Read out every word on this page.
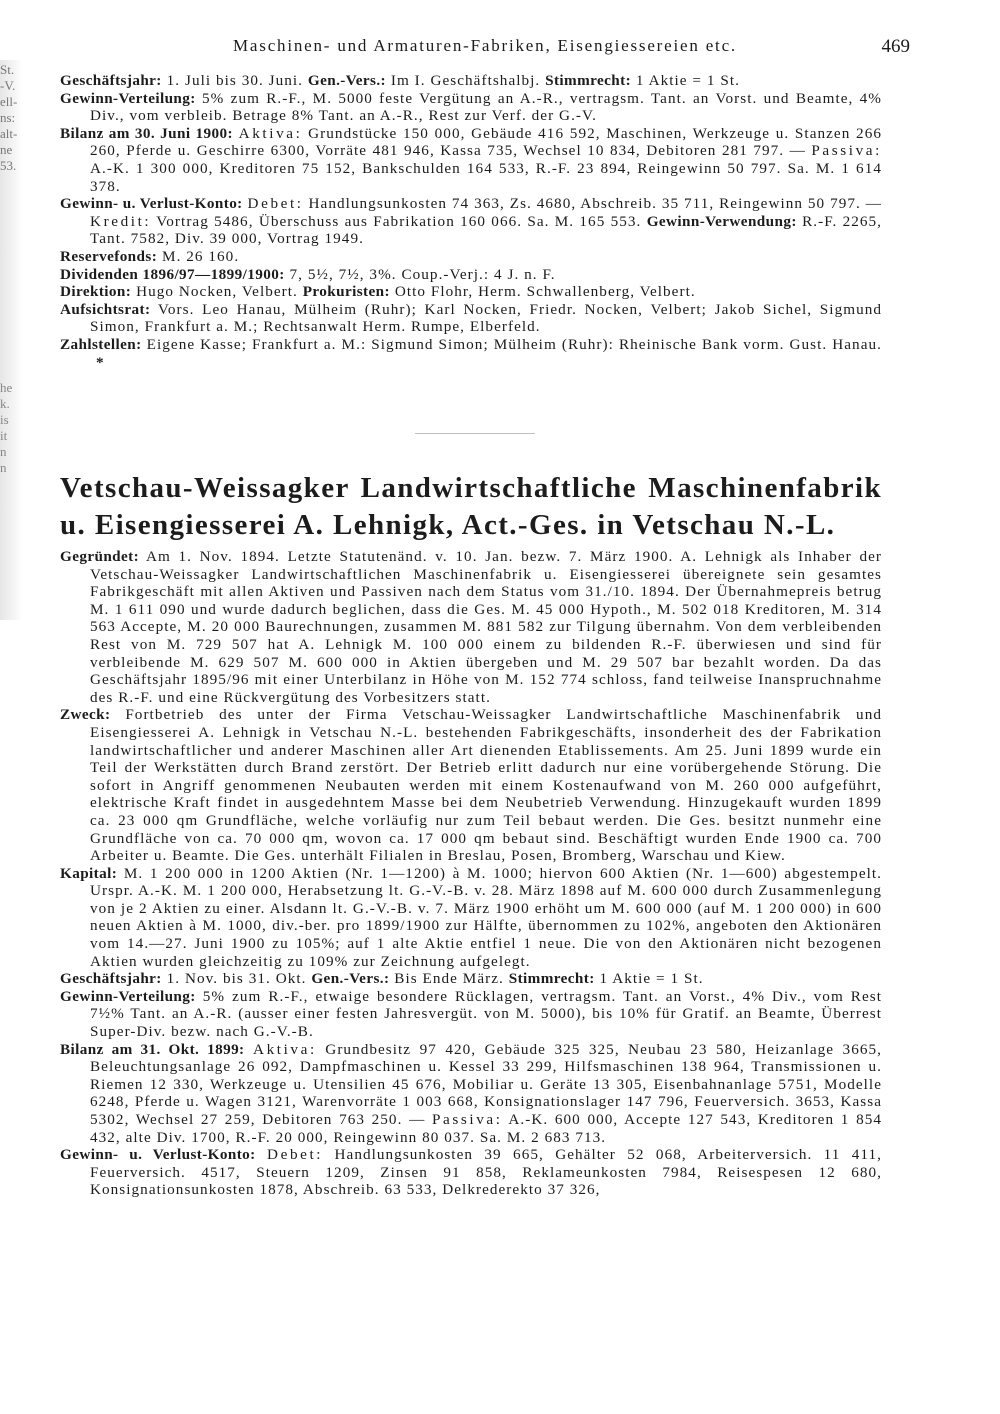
St.
-V.
ell-
ns:
alt-
ne
53.
he
k.
is
it
n
n
Maschinen- und Armaturen-Fabriken, Eisengiessereien etc.	469

Geschäftsjahr: 1. Juli bis 30. Juni. Gen.-Vers.: Im I. Geschäftshalbj. Stimmrecht: 1 Aktie = 1 St.

Gewinn-Verteilung: 5% zum R.-F., M. 5000 feste Vergütung an A.-R., vertragsm. Tant. an Vorst. und Beamte, 4% Div., vom verbleib. Betrage 8% Tant. an A.-R., Rest zur Verf. der G.-V.

Bilanz am 30. Juni 1900: Aktiva: Grundstücke 150 000, Gebäude 416 592, Maschinen, Werkzeuge u. Stanzen 266 260, Pferde u. Geschirre 6300, Vorräte 481 946, Kassa 735, Wechsel 10 834, Debitoren 281 797. — Passiva: A.-K. 1 300 000, Kreditoren 75 152, Bankschulden 164 533, R.-F. 23 894, Reingewinn 50 797. Sa. M. 1 614 378.

Gewinn- u. Verlust-Konto: Debet: Handlungsunkosten 74 363, Zs. 4680, Abschreib. 35 711, Reingewinn 50 797. — Kredit: Vortrag 5486, Überschuss aus Fabrikation 160 066. Sa. M. 165 553. Gewinn-Verwendung: R.-F. 2265, Tant. 7582, Div. 39 000, Vortrag 1949.

Reservefonds: M. 26 160.

Dividenden 1896/97—1899/1900: 7, 5½, 7½, 3%. Coup.-Verj.: 4 J. n. F.

Direktion: Hugo Nocken, Velbert. Prokuristen: Otto Flohr, Herm. Schwallenberg, Velbert.

Aufsichtsrat: Vors. Leo Hanau, Mülheim (Ruhr); Karl Nocken, Friedr. Nocken, Velbert; Jakob Sichel, Sigmund Simon, Frankfurt a. M.; Rechtsanwalt Herm. Rumpe, Elberfeld.

Zahlstellen: Eigene Kasse; Frankfurt a. M.: Sigmund Simon; Mülheim (Ruhr): Rheinische Bank vorm. Gust. Hanau. *

Vetschau-Weissagker Landwirtschaftliche Maschinenfabrik
u. Eisengiesserei A. Lehnigk, Act.-Ges. in Vetschau N.-L.

Gegründet: Am 1. Nov. 1894. Letzte Statutenänd. v. 10. Jan. bezw. 7. März 1900. A. Lehnigk als Inhaber der Vetschau-Weissagker Landwirtschaftlichen Maschinenfabrik u. Eisengiesserei übereignete sein gesamtes Fabrikgeschäft mit allen Aktiven und Passiven nach dem Status vom 31./10. 1894. Der Übernahmepreis betrug M. 1 611 090 und wurde dadurch beglichen, dass die Ges. M. 45 000 Hypoth., M. 502 018 Kreditoren, M. 314 563 Accepte, M. 20 000 Baurechnungen, zusammen M. 881 582 zur Tilgung übernahm. Von dem verbleibenden Rest von M. 729 507 hat A. Lehnigk M. 100 000 einem zu bildenden R.-F. überwiesen und sind für verbleibende M. 629 507 M. 600 000 in Aktien übergeben und M. 29 507 bar bezahlt worden. Da das Geschäftsjahr 1895/96 mit einer Unterbilanz in Höhe von M. 152 774 schloss, fand teilweise Inanspruchnahme des R.-F. und eine Rückvergütung des Vorbesitzers statt.

Zweck: Fortbetrieb des unter der Firma Vetschau-Weissagker Landwirtschaftliche Maschinenfabrik und Eisengiesserei A. Lehnigk in Vetschau N.-L. bestehenden Fabrikgeschäfts, insonderheit des der Fabrikation landwirtschaftlicher und anderer Maschinen aller Art dienenden Etablissements. Am 25. Juni 1899 wurde ein Teil der Werkstätten durch Brand zerstört. Der Betrieb erlitt dadurch nur eine vorübergehende Störung. Die sofort in Angriff genommenen Neubauten werden mit einem Kostenaufwand von M. 260 000 aufgeführt, elektrische Kraft findet in ausgedehntem Masse bei dem Neubetrieb Verwendung. Hinzugekauft wurden 1899 ca. 23 000 qm Grundfläche, welche vorläufig nur zum Teil bebaut werden. Die Ges. besitzt nunmehr eine Grundfläche von ca. 70 000 qm, wovon ca. 17 000 qm bebaut sind. Beschäftigt wurden Ende 1900 ca. 700 Arbeiter u. Beamte. Die Ges. unterhält Filialen in Breslau, Posen, Bromberg, Warschau und Kiew.

Kapital: M. 1 200 000 in 1200 Aktien (Nr. 1—1200) à M. 1000; hiervon 600 Aktien (Nr. 1—600) abgestempelt. Urspr. A.-K. M. 1 200 000, Herabsetzung lt. G.-V.-B. v. 28. März 1898 auf M. 600 000 durch Zusammenlegung von je 2 Aktien zu einer. Alsdann lt. G.-V.-B. v. 7. März 1900 erhöht um M. 600 000 (auf M. 1 200 000) in 600 neuen Aktien à M. 1000, div.-ber. pro 1899/1900 zur Hälfte, übernommen zu 102%, angeboten den Aktionären vom 14.—27. Juni 1900 zu 105%; auf 1 alte Aktie entfiel 1 neue. Die von den Aktionären nicht bezogenen Aktien wurden gleichzeitig zu 109% zur Zeichnung aufgelegt.

Geschäftsjahr: 1. Nov. bis 31. Okt. Gen.-Vers.: Bis Ende März. Stimmrecht: 1 Aktie = 1 St.

Gewinn-Verteilung: 5% zum R.-F., etwaige besondere Rücklagen, vertragsm. Tant. an Vorst., 4% Div., vom Rest 7½% Tant. an A.-R. (ausser einer festen Jahresvergüt. von M. 5000), bis 10% für Gratif. an Beamte, Überrest Super-Div. bezw. nach G.-V.-B.

Bilanz am 31. Okt. 1899: Aktiva: Grundbesitz 97 420, Gebäude 325 325, Neubau 23 580, Heizanlage 3665, Beleuchtungsanlage 26 092, Dampfmaschinen u. Kessel 33 299, Hilfsmaschinen 138 964, Transmissionen u. Riemen 12 330, Werkzeuge u. Utensilien 45 676, Mobiliar u. Geräte 13 305, Eisenbahnanlage 5751, Modelle 6248, Pferde u. Wagen 3121, Warenvorräte 1 003 668, Konsignationslager 147 796, Feuerversich. 3653, Kassa 5302, Wechsel 27 259, Debitoren 763 250. — Passiva: A.-K. 600 000, Accepte 127 543, Kreditoren 1 854 432, alte Div. 1700, R.-F. 20 000, Reingewinn 80 037. Sa. M. 2 683 713.

Gewinn- u. Verlust-Konto: Debet: Handlungsunkosten 39 665, Gehälter 52 068, Arbeiterversich. 11 411, Feuerversich. 4517, Steuern 1209, Zinsen 91 858, Reklameunkosten 7984, Reisespesen 12 680, Konsignationsunkosten 1878, Abschreib. 63 533, Delkrederekto 37 326,
